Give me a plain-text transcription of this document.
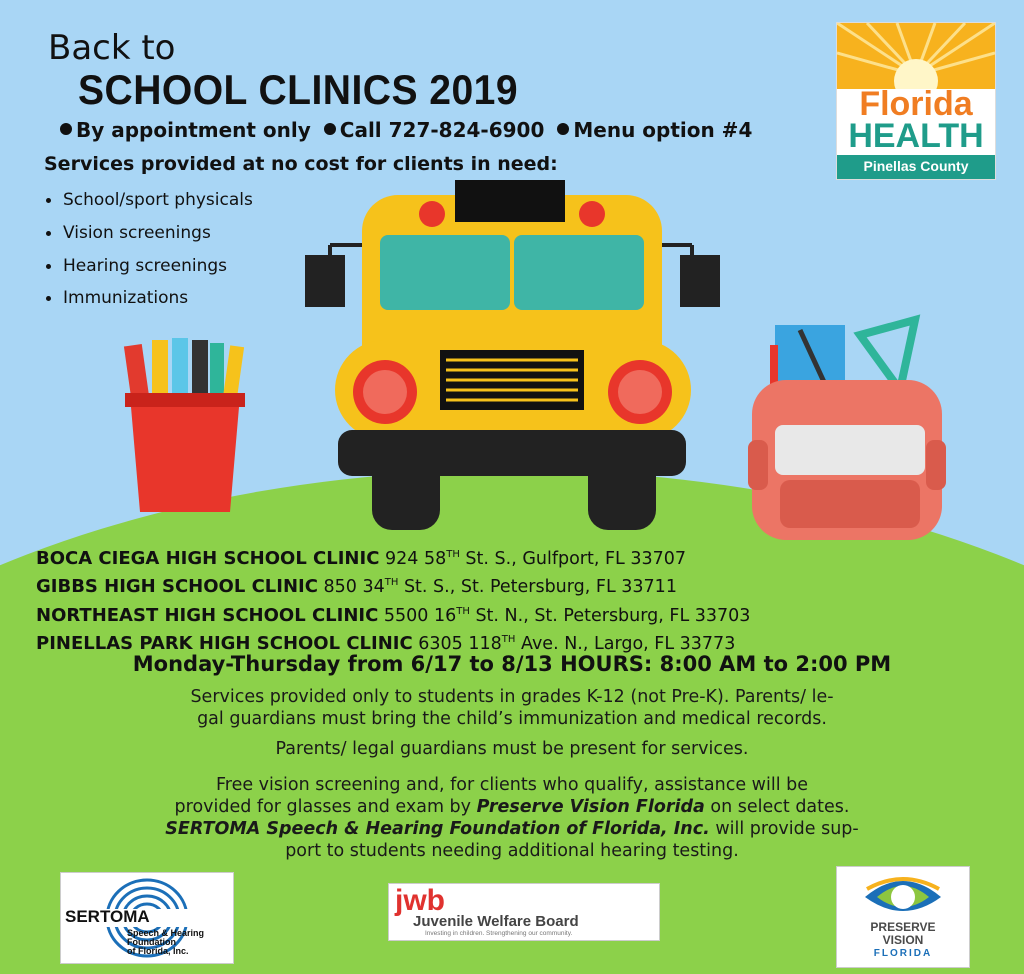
Back to
SCHOOL CLINICS 2019
By appointment only Call 727-824-6900 Menu option #4
Services provided at no cost for clients in need:
School/sport physicals
Vision screenings
Hearing screenings
Immunizations
Florida
HEALTH
Pinellas County
BOCA CIEGA HIGH SCHOOL CLINIC 924 58TH St. S., Gulfport, FL 33707
GIBBS HIGH SCHOOL CLINIC 850 34TH St. S., St. Petersburg, FL 33711
NORTHEAST HIGH SCHOOL CLINIC 5500 16TH St. N., St. Petersburg, FL 33703
PINELLAS PARK HIGH SCHOOL CLINIC 6305 118TH Ave. N., Largo, FL 33773
Monday-Thursday from 6/17 to 8/13 HOURS: 8:00 AM to 2:00 PM
Services provided only to students in grades K-12 (not Pre-K). Parents/ le-
gal guardians must bring the child’s immunization and medical records.
Parents/ legal guardians must be present for services.
Free vision screening and, for clients who qualify, assistance will be
provided for glasses and exam by Preserve Vision Florida on select dates.
SERTOMA Speech & Hearing Foundation of Florida, Inc. will provide sup-
port to students needing additional hearing testing.
SERTOMA
Speech & Hearing
Foundation
of Florida, Inc.
jwb
Juvenile Welfare Board
Investing in children. Strengthening our community.	PRESERVE
VISION
FLORIDA
